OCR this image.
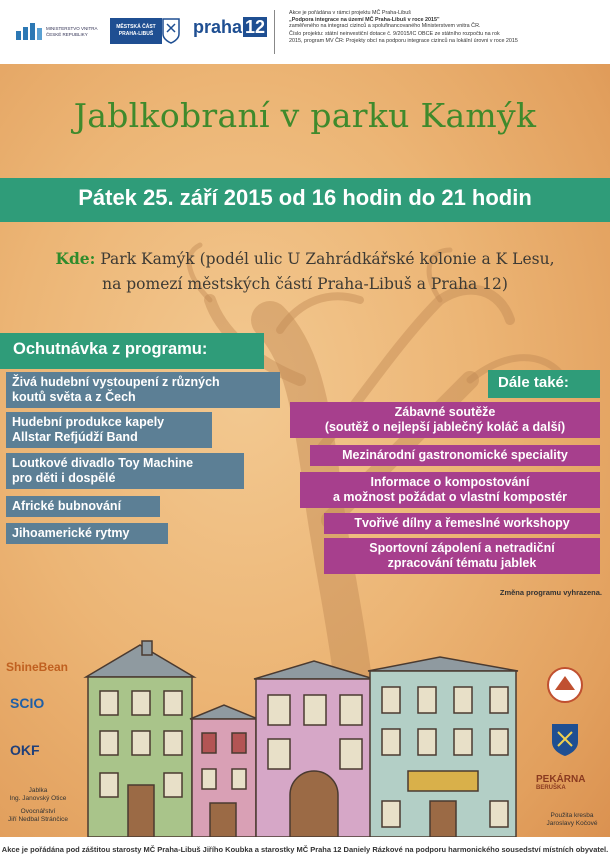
MINISTERSTVO VNITRA ČESKÉ REPUBLIKY
MĚSTSKÁ ČÁST
PRAHA-LIBUŠ	praha 12
Akce je pořádána v rámci projektu MČ Praha-Libuš
„Podpora integrace na území MČ Praha-Libuš v roce 2015"
zaměřeného na integraci cizinců a spolufinancovaného Ministerstvem vnitra ČR.
Číslo projektu: státní neinvestiční dotace č. 9/2015/IC OBCE ze státního rozpočtu na rok
2015, program MV ČR: Projekty obcí na podporu integrace cizinců na lokální úrovni v roce 2015
Jablkobraní v parku Kamýk
Pátek 25. září 2015 od 16 hodin do 21 hodin
Kde: Park Kamýk (podél ulic U Zahrádkářské kolonie a K Lesu,
na pomezí městských částí Praha-Libuš a Praha 12)
Ochutnávka z programu:
Živá hudební vystoupení z různých
koutů světa a z Čech
Hudební produkce kapely
Allstar Refjúdží Band
Loutkové divadlo Toy Machine
pro děti i dospělé
Africké bubnování
Jihoamerické rytmy
Dále také:
Zábavné soutěže
(soutěž o nejlepší jablečný koláč a další)
Mezinárodní gastronomické speciality
Informace o kompostování
a možnost požádat o vlastní kompostér
Tvořivé dílny a řemeslné workshopy
Sportovní zápolení a netradiční
zpracování tématu jablek
Změna programu vyhrazena.
ShineBean
SCIO
OKF
Jablka
Ing. Janovský Otice
Ovocnářství
Jiří Nedbal Stránčice
PEKÁRNA
BERUŠKA
Použita kresba
Jaroslavy Kočové
Akce je pořádána pod záštitou starosty MČ Praha-Libuš Jiřího Koubka a starostky MČ Praha 12 Daniely Rázkové na podporu harmonického sousedství místních obyvatel.
